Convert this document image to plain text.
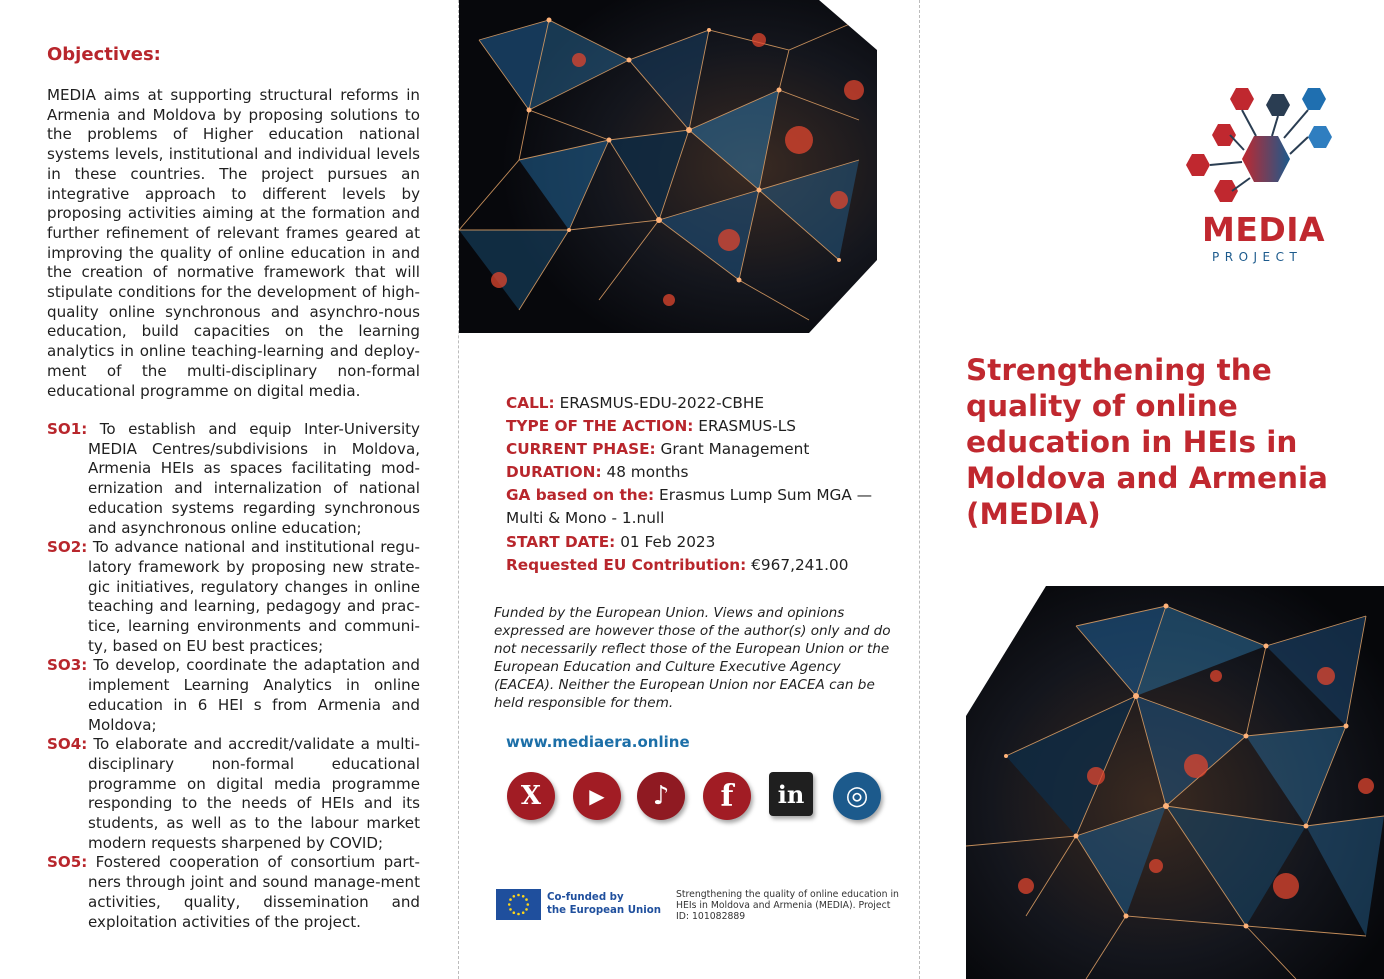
Objectives:

MEDIA aims at supporting structural reforms in Armenia and Moldova by proposing solutions to the problems of Higher education national systems levels, institutional and individual levels in these countries. The project pursues an integrative approach to different levels by proposing activities aiming at the formation and further refinement of relevant frames geared at improving the quality of online education in and the creation of normative framework that will stipulate conditions for the development of high-quality online synchronous and asynchro-nous education, build capacities on the learning analytics in online teaching-learning and deploy-ment of the multi-disciplinary non-formal educational programme on digital media.

SO1: To establish and equip Inter-University MEDIA Centres/subdivisions in Moldova, Armenia HEIs as spaces facilitating mod-ernization and internalization of national education systems regarding synchronous and asynchronous online education;

SO2: To advance national and institutional regu-latory framework by proposing new strate-gic initiatives, regulatory changes in online teaching and learning, pedagogy and prac-tice, learning environments and communi-ty, based on EU best practices;

SO3: To develop, coordinate the adaptation and implement Learning Analytics in online education in 6 HEI s from Armenia and Moldova;

SO4: To elaborate and accredit/validate a multi-disciplinary non-formal educational programme on digital media programme responding to the needs of HEIs and its students, as well as to the labour market modern requests sharpened by COVID;

SO5: Fostered cooperation of consortium part-ners through joint and sound manage-ment activities, quality, dissemination and exploitation activities of the project.

CALL: ERASMUS-EDU-2022-CBHE
TYPE OF THE ACTION: ERASMUS-LS
CURRENT PHASE: Grant Management
DURATION: 48 months
GA based on the: Erasmus Lump Sum MGA — Multi & Mono - 1.null
START DATE: 01 Feb 2023
Requested EU Contribution: €967,241.00

Funded by the European Union. Views and opinions expressed are however those of the author(s) only and do not necessarily reflect those of the European Union or the European Education and Culture Executive Agency (EACEA). Neither the European Union nor EACEA can be held responsible for them.

www.mediaera.online
X	▶	♪	f	in	◎

Co-funded by
the European Union

Strengthening the quality of online education in HEIs in Moldova and Armenia (MEDIA). Project ID: 101082889

MEDIA
PROJECT
Strengthening the quality of online education in HEIs in Moldova and Armenia (MEDIA)
